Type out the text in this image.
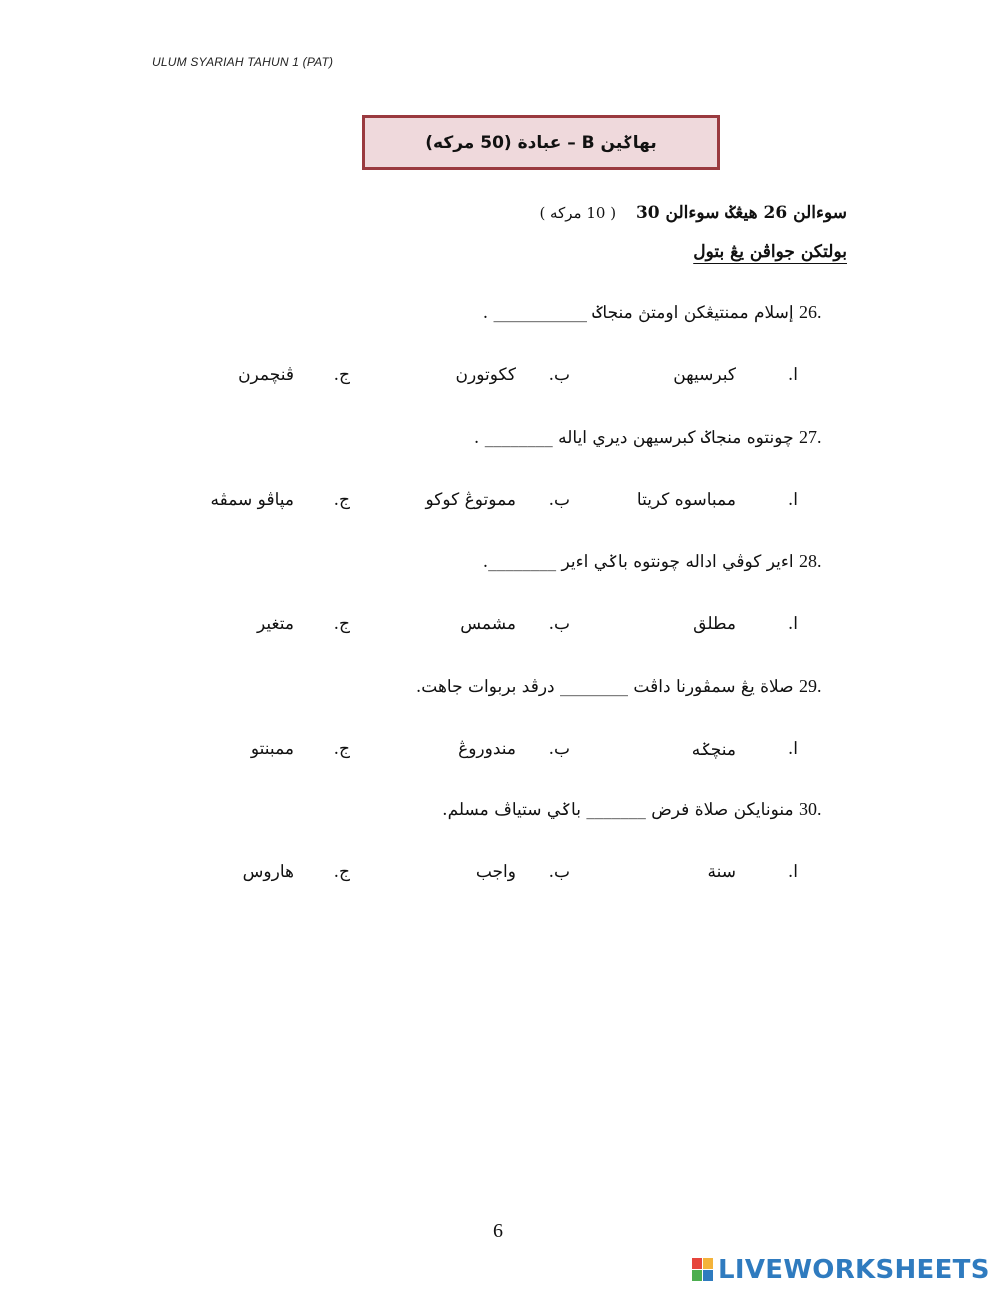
ULUM SYARIAH TAHUN 1 (PAT)
بهاݢين B – عبادة (50 مركه)
سوءالن 26 هيڠݢ سوءالن 30 ( 10 مركه )
بولتكن جواڤن يڠ بتول
26. إسلام ممنتيڠكن اومتڽ منجاݢ ___________ .
ا.
كبرسيهن
ب.
ككوتورن
ج.
ڤنچمرن
27. چونتوه منجاݢ كبرسيهن ديري اياله ________ .
ا.
ممباسوه كريتا
ب.
مموتوڠ كوكو
ج.
مڽاڤو سمڤه
28. اءير كوڤي اداله چونتوه باݢي اءير ________.
ا.
مطلق
ب.
مشمس
ج.
متغير
29. صلاة يڠ سمڤورنا داڤت ________ درڤد بربوات جاهت.
ا.
منچݢه
ب.
مندوروڠ
ج.
ممبنتو
30. منونايكن صلاة فرض _______ باݢي ستياڤ مسلم.
ا.
سنة
ب.
واجب
ج.
هاروس
6
LIVEWORKSHEETS
